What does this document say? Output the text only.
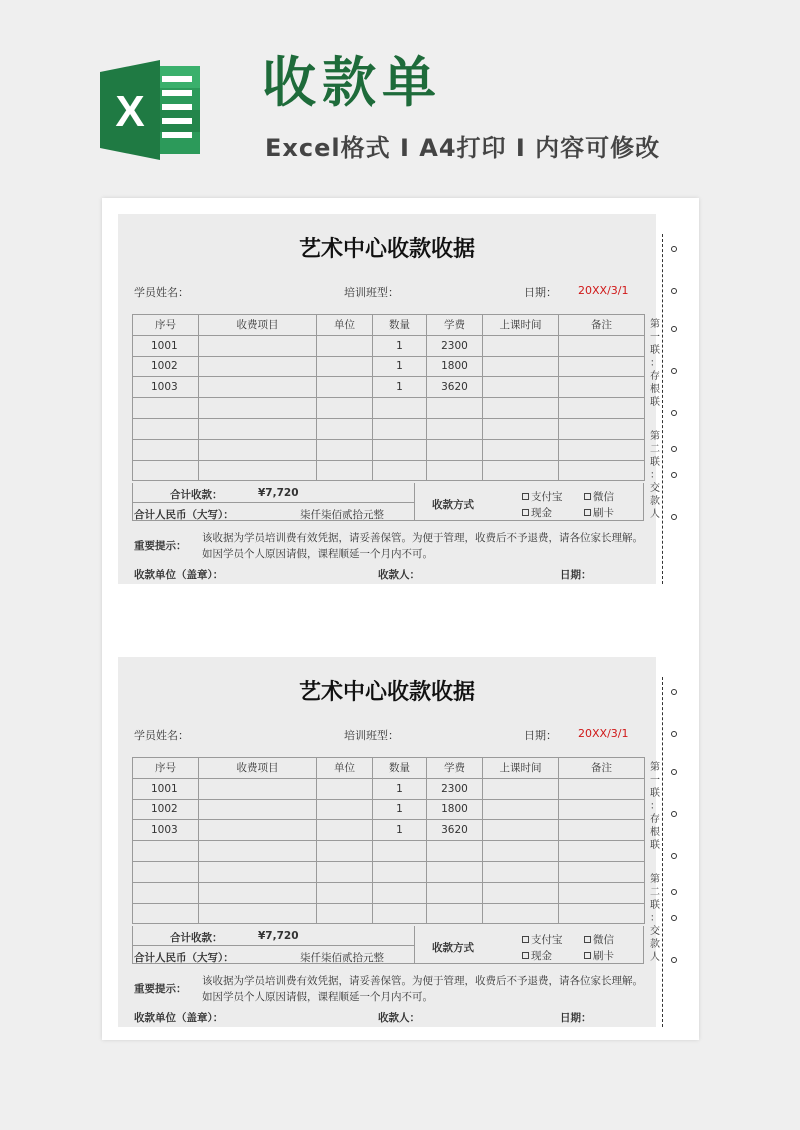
X 收款单
Excel格式 I A4打印 I 内容可修改
艺术中心收款收据
学员姓名：	培训班型：	日期： 20XX/3/1
序号	收费项目	单位	数量	学费	上课时间	备注
1001			1	2300		
1002			1	1800		
1003			1	3620		

合计收款：	¥7,720
合计人民币（大写）：	柒仟柒佰贰拾元整
收款方式
支付宝	微信
现金	刷卡
重要提示：
该收据为学员培训费有效凭据，请妥善保管。为便于管理，收费后不予退费，请各位家长理解。
如因学员个人原因请假，课程顺延一个月内不可。
收款单位（盖章）：	收款人：	日期：
第
一
联
：
存
根
联
第
二
联
：
交
款
人
艺术中心收款收据
学员姓名：	培训班型：	日期： 20XX/3/1
序号	收费项目	单位	数量	学费	上课时间	备注
1001			1	2300		
1002			1	1800		
1003			1	3620		

合计收款：	¥7,720
合计人民币（大写）：	柒仟柒佰贰拾元整
收款方式
支付宝	微信
现金	刷卡
重要提示：
该收据为学员培训费有效凭据，请妥善保管。为便于管理，收费后不予退费，请各位家长理解。
如因学员个人原因请假，课程顺延一个月内不可。
收款单位（盖章）：	收款人：	日期：
第
一
联
：
存
根
联
第
二
联
：
交
款
人
